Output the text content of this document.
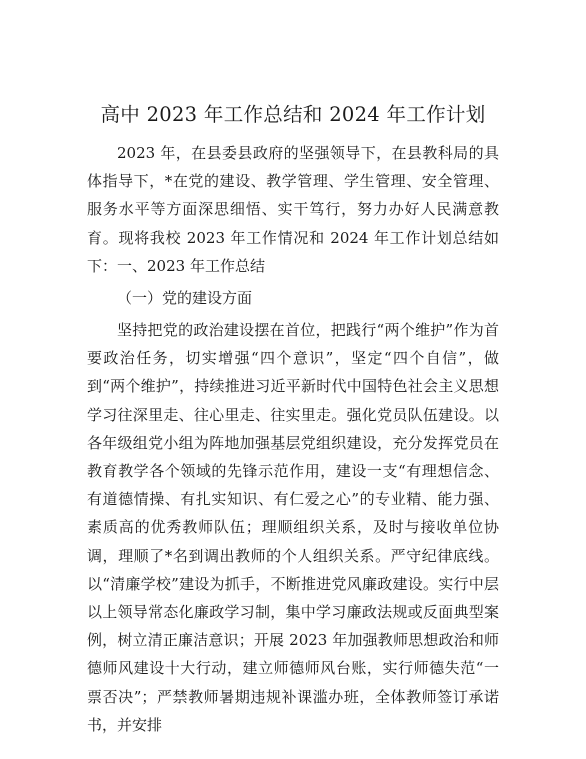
高中 2023 年工作总结和 2024 年工作计划
2023 年，在县委县政府的坚强领导下，在县教科局的具体指导下，*在党的建设、教学管理、学生管理、安全管理、服务水平等方面深思细悟、实干笃行，努力办好人民满意教育。现将我校 2023 年工作情况和 2024 年工作计划总结如下： 一、2023 年工作总结
（一）党的建设方面
坚持把党的政治建设摆在首位，把践行“两个维护”作为首要政治任务，切实增强“四个意识”，坚定“四个自信”，做到“两个维护”，持续推进习近平新时代中国特色社会主义思想学习往深里走、往心里走、往实里走。强化党员队伍建设。以各年级组党小组为阵地加强基层党组织建设，充分发挥党员在教育教学各个领域的先锋示范作用，建设一支“有理想信念、有道德情操、有扎实知识、有仁爱之心”的专业精、能力强、素质高的优秀教师队伍；理顺组织关系，及时与接收单位协调，理顺了*名到调出教师的个人组织关系。严守纪律底线。以“清廉学校”建设为抓手，不断推进党风廉政建设。实行中层以上领导常态化廉政学习制，集中学习廉政法规或反面典型案例，树立清正廉洁意识；开展 2023 年加强教师思想政治和师德师风建设十大行动，建立师德师风台账，实行师德失范“一票否决”；严禁教师暑期违规补课滥办班，全体教师签订承诺书，并安排
